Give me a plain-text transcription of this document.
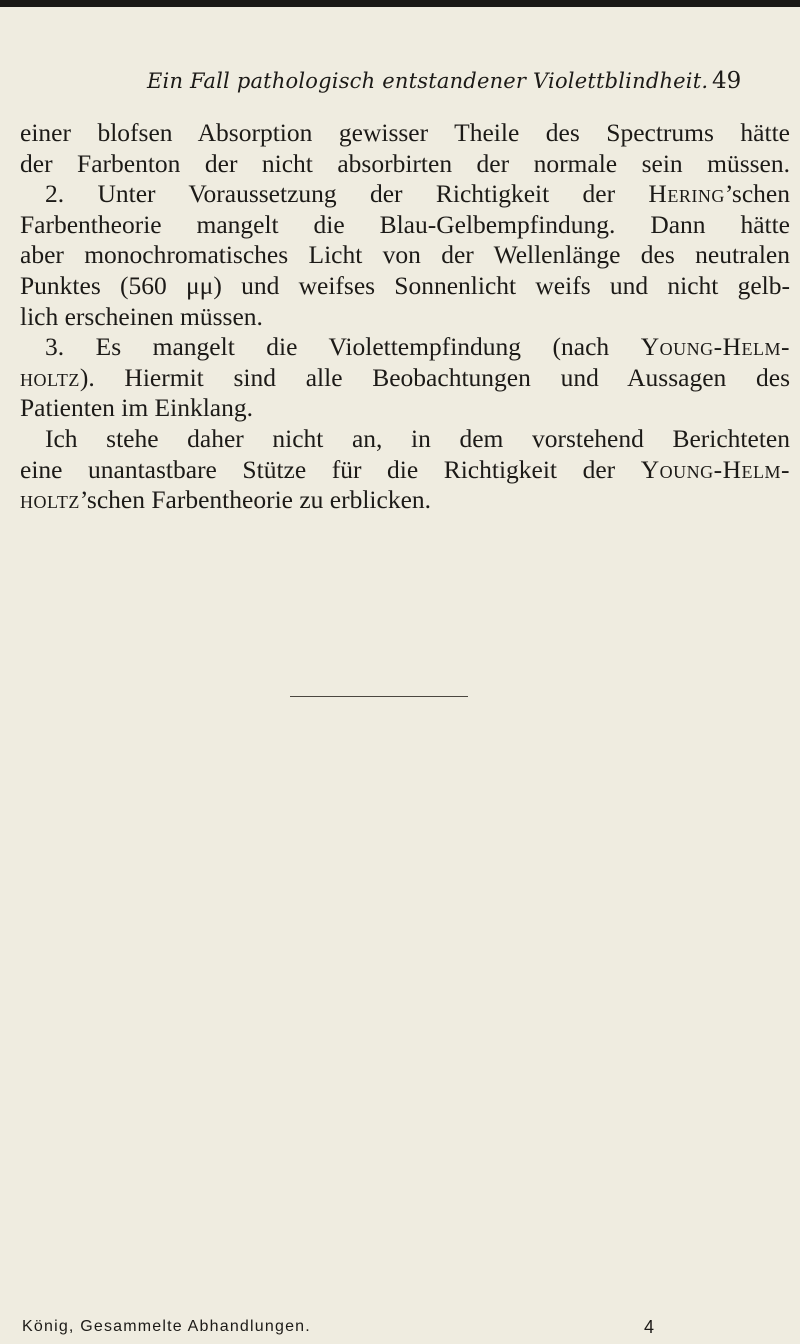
Ein Fall pathologisch entstandener Violettblindheit. 49
einer blofsen Absorption gewisser Theile des Spectrums hätte
der Farbenton der nicht absorbirten der normale sein müssen.
2. Unter Voraussetzung der Richtigkeit der Hering’schen
Farbentheorie mangelt die Blau-Gelbempfindung. Dann hätte
aber monochromatisches Licht von der Wellenlänge des neutralen
Punktes (560 μμ) und weifses Sonnenlicht weifs und nicht gelb-
lich erscheinen müssen.
3. Es mangelt die Violettempfindung (nach Young-Helm-
holtz). Hiermit sind alle Beobachtungen und Aussagen des
Patienten im Einklang.
Ich stehe daher nicht an, in dem vorstehend Berichteten
eine unantastbare Stütze für die Richtigkeit der Young-Helm-
holtz’schen Farbentheorie zu erblicken.
König, Gesammelte Abhandlungen.	4
